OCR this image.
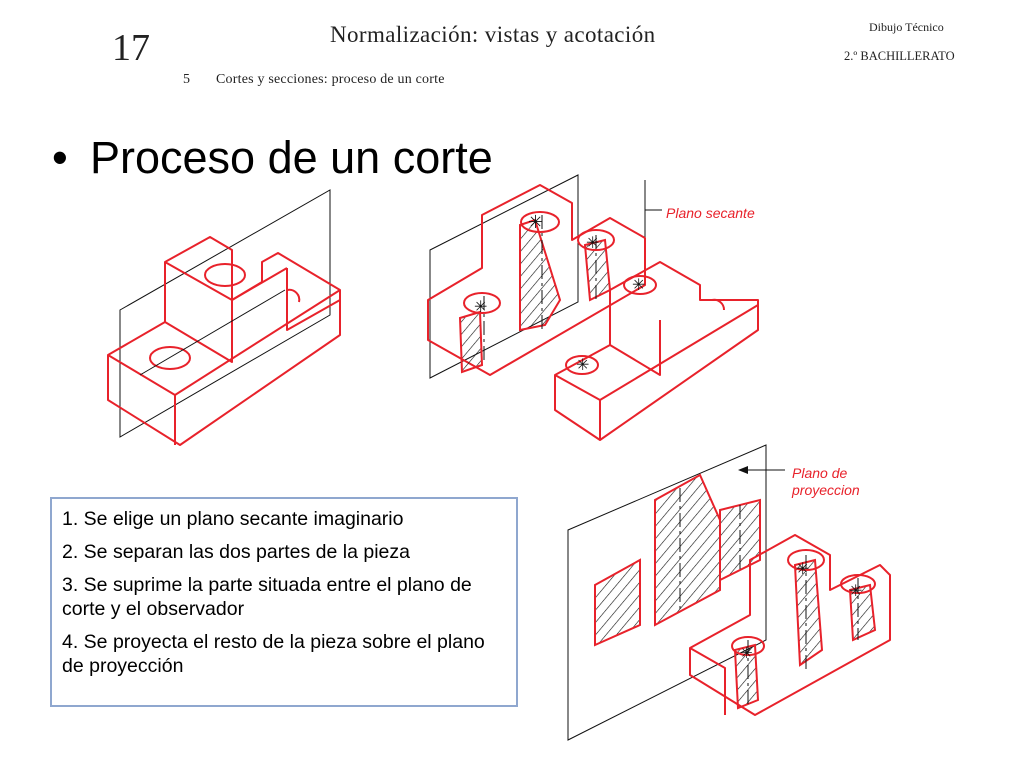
17	Normalización: vistas y acotación
5 Cortes y secciones: proceso de un corte
Dibujo Técnico
2.º BACHILLERATO
• Proceso de un corte
✳
✳
✳
✳
✳
Plano secante
✳
✳
✳
Plano de
proyeccion
1. Se elige un plano secante imaginario
2. Se separan las dos partes de la pieza
3. Se suprime la parte situada entre el plano de corte y el observador
4. Se proyecta el resto de la pieza sobre el plano de proyección
